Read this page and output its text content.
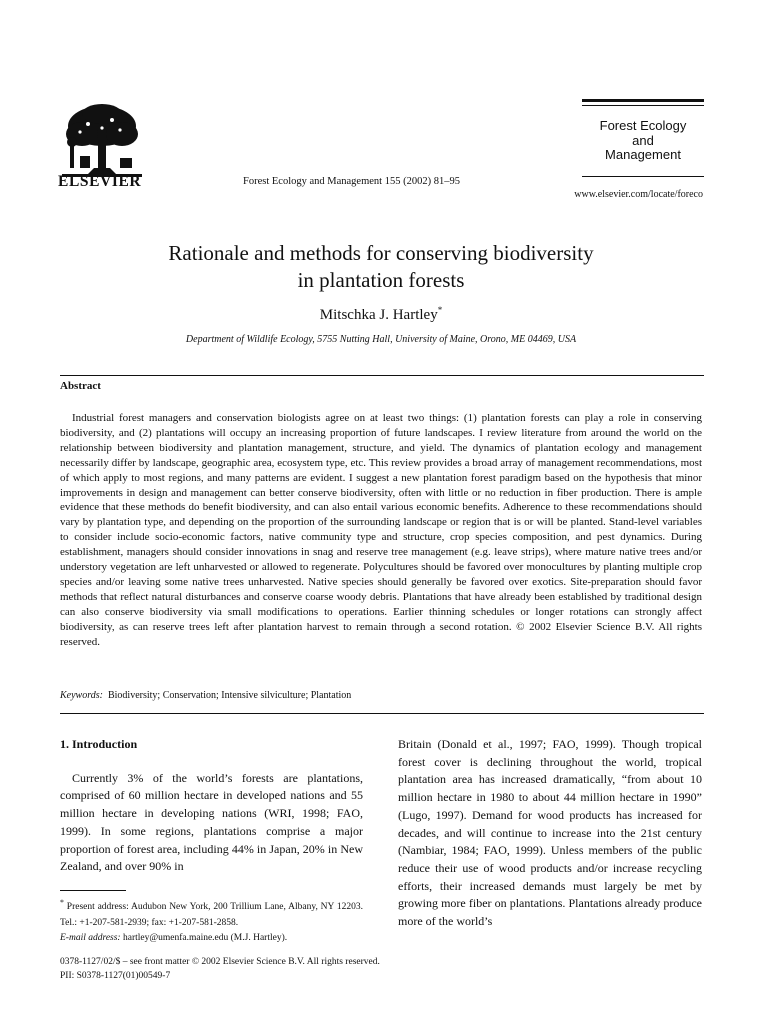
ELSEVIER	Forest Ecology and Management 155 (2002) 81–95
Forest Ecology
and
Management
www.elsevier.com/locate/foreco
Rationale and methods for conserving biodiversity
in plantation forests
Mitschka J. Hartley*
Department of Wildlife Ecology, 5755 Nutting Hall, University of Maine, Orono, ME 04469, USA
Abstract

Industrial forest managers and conservation biologists agree on at least two things: (1) plantation forests can play a role in conserving biodiversity, and (2) plantations will occupy an increasing proportion of future landscapes. I review literature from around the world on the relationship between biodiversity and plantation management, structure, and yield. The dynamics of plantation ecology and management necessarily differ by landscape, geographic area, ecosystem type, etc. This review provides a broad array of management recommendations, most of which apply to most regions, and many patterns are evident. I suggest a new plantation forest paradigm based on the hypothesis that minor improvements in design and management can better conserve biodiversity, often with little or no reduction in fiber production. There is ample evidence that these methods do benefit biodiversity, and can also entail various economic benefits. Adherence to these recommendations should vary by plantation type, and depending on the proportion of the surrounding landscape or region that is or will be planted. Stand-level variables to consider include socio-economic factors, native community type and structure, crop species composition, and pest dynamics. During establishment, managers should consider innovations in snag and reserve tree management (e.g. leave strips), where mature native trees and/or understory vegetation are left unharvested or allowed to regenerate. Polycultures should be favored over monocultures by planting multiple crop species and/or leaving some native trees unharvested. Native species should generally be favored over exotics. Site-preparation should favor methods that reflect natural disturbances and conserve coarse woody debris. Plantations that have already been established by traditional design can also conserve biodiversity via small modifications to operations. Earlier thinning schedules or longer rotations can strongly affect biodiversity, as can reserve trees left after plantation harvest to remain through a second rotation. © 2002 Elsevier Science B.V. All rights reserved.

Keywords: Biodiversity; Conservation; Intensive silviculture; Plantation
1. Introduction

Currently 3% of the world’s forests are plantations, comprised of 60 million hectare in developed nations and 55 million hectare in developing nations (WRI, 1998; FAO, 1999). In some regions, plantations comprise a major proportion of forest area, including 44% in Japan, 20% in New Zealand, and over 90% in

Britain (Donald et al., 1997; FAO, 1999). Though tropical forest cover is declining throughout the world, tropical plantation area has increased dramatically, “from about 10 million hectare in 1980 to about 44 million hectare in 1990” (Lugo, 1997). Demand for wood products has increased for decades, and will continue to increase into the 21st century (Nambiar, 1984; FAO, 1999). Unless members of the public reduce their use of wood products and/or increase recycling efforts, their increased demands must largely be met by growing more fiber on plantations. Plantations already produce more of the world’s

* Present address: Audubon New York, 200 Trillium Lane, Albany, NY 12203. Tel.: +1-207-581-2939; fax: +1-207-581-2858.
E-mail address: hartley@umenfa.maine.edu (M.J. Hartley).
0378-1127/02/$ – see front matter © 2002 Elsevier Science B.V. All rights reserved.
PII: S0378-1127(01)00549-7
